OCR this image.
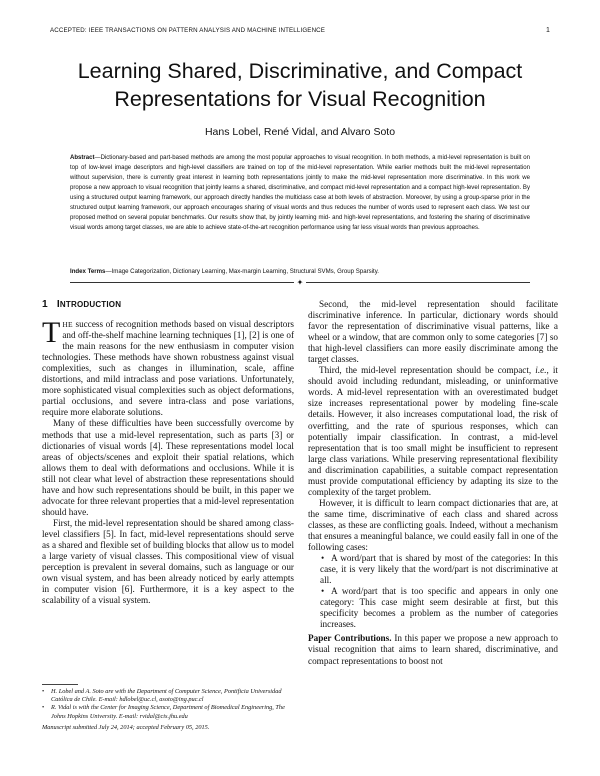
ACCEPTED: IEEE TRANSACTIONS ON PATTERN ANALYSIS AND MACHINE INTELLIGENCE	1
Learning Shared, Discriminative, and Compact Representations for Visual Recognition
Hans Lobel, René Vidal, and Alvaro Soto
Abstract—Dictionary-based and part-based methods are among the most popular approaches to visual recognition. In both methods, a mid-level representation is built on top of low-level image descriptors and high-level classifiers are trained on top of the mid-level representation. While earlier methods built the mid-level representation without supervision, there is currently great interest in learning both representations jointly to make the mid-level representation more discriminative. In this work we propose a new approach to visual recognition that jointly learns a shared, discriminative, and compact mid-level representation and a compact high-level representation. By using a structured output learning framework, our approach directly handles the multiclass case at both levels of abstraction. Moreover, by using a group-sparse prior in the structured output learning framework, our approach encourages sharing of visual words and thus reduces the number of words used to represent each class. We test our proposed method on several popular benchmarks. Our results show that, by jointly learning mid- and high-level representations, and fostering the sharing of discriminative visual words among target classes, we are able to achieve state-of-the-art recognition performance using far less visual words than previous approaches.
Index Terms—Image Categorization, Dictionary Learning, Max-margin Learning, Structural SVMs, Group Sparsity.
✦
1 INTRODUCTION

THE success of recognition methods based on visual descriptors and off-the-shelf machine learning techniques [1], [2] is one of the main reasons for the new enthusiasm in computer vision technologies. These methods have shown robustness against visual complexities, such as changes in illumination, scale, affine distortions, and mild intraclass and pose variations. Unfortunately, more sophisticated visual complexities such as object deformations, partial occlusions, and severe intra-class and pose variations, require more elaborate solutions.

Many of these difficulties have been successfully overcome by methods that use a mid-level representation, such as parts [3] or dictionaries of visual words [4]. These representations model local areas of objects/scenes and exploit their spatial relations, which allows them to deal with deformations and occlusions. While it is still not clear what level of abstraction these representations should have and how such representations should be built, in this paper we advocate for three relevant properties that a mid-level representation should have.

First, the mid-level representation should be shared among class-level classifiers [5]. In fact, mid-level representations should serve as a shared and flexible set of building blocks that allow us to model a large variety of visual classes. This compositional view of visual perception is prevalent in several domains, such as language or our own visual system, and has been already noticed by early attempts in computer vision [6]. Furthermore, it is a key aspect to the scalability of a visual system.

• H. Lobel and A. Soto are with the Department of Computer Science, Pontificia Universidad Católica de Chile. E-mail: hdlobel@uc.cl, asoto@ing.puc.cl

• R. Vidal is with the Center for Imaging Science, Department of Biomedical Engineering, The Johns Hopkins University. E-mail: rvidal@cis.jhu.edu

Manuscript submitted July 24, 2014; accepted February 05, 2015.

Second, the mid-level representation should facilitate discriminative inference. In particular, dictionary words should favor the representation of discriminative visual patterns, like a wheel or a window, that are common only to some categories [7] so that high-level classifiers can more easily discriminate among the target classes.

Third, the mid-level representation should be compact, i.e., it should avoid including redundant, misleading, or uninformative words. A mid-level representation with an overestimated budget size increases representational power by modeling fine-scale details. However, it also increases computational load, the risk of overfitting, and the rate of spurious responses, which can potentially impair classification. In contrast, a mid-level representation that is too small might be insufficient to represent large class variations. While preserving representational flexibility and discrimination capabilities, a suitable compact representation must provide computational efficiency by adapting its size to the complexity of the target problem.

However, it is difficult to learn compact dictionaries that are, at the same time, discriminative of each class and shared across classes, as these are conflicting goals. Indeed, without a mechanism that ensures a meaningful balance, we could easily fall in one of the following cases:

• A word/part that is shared by most of the categories: In this case, it is very likely that the word/part is not discriminative at all.

• A word/part that is too specific and appears in only one category: This case might seem desirable at first, but this specificity becomes a problem as the number of categories increases.

Paper Contributions. In this paper we propose a new approach to visual recognition that aims to learn shared, discriminative, and compact representations to boost not
